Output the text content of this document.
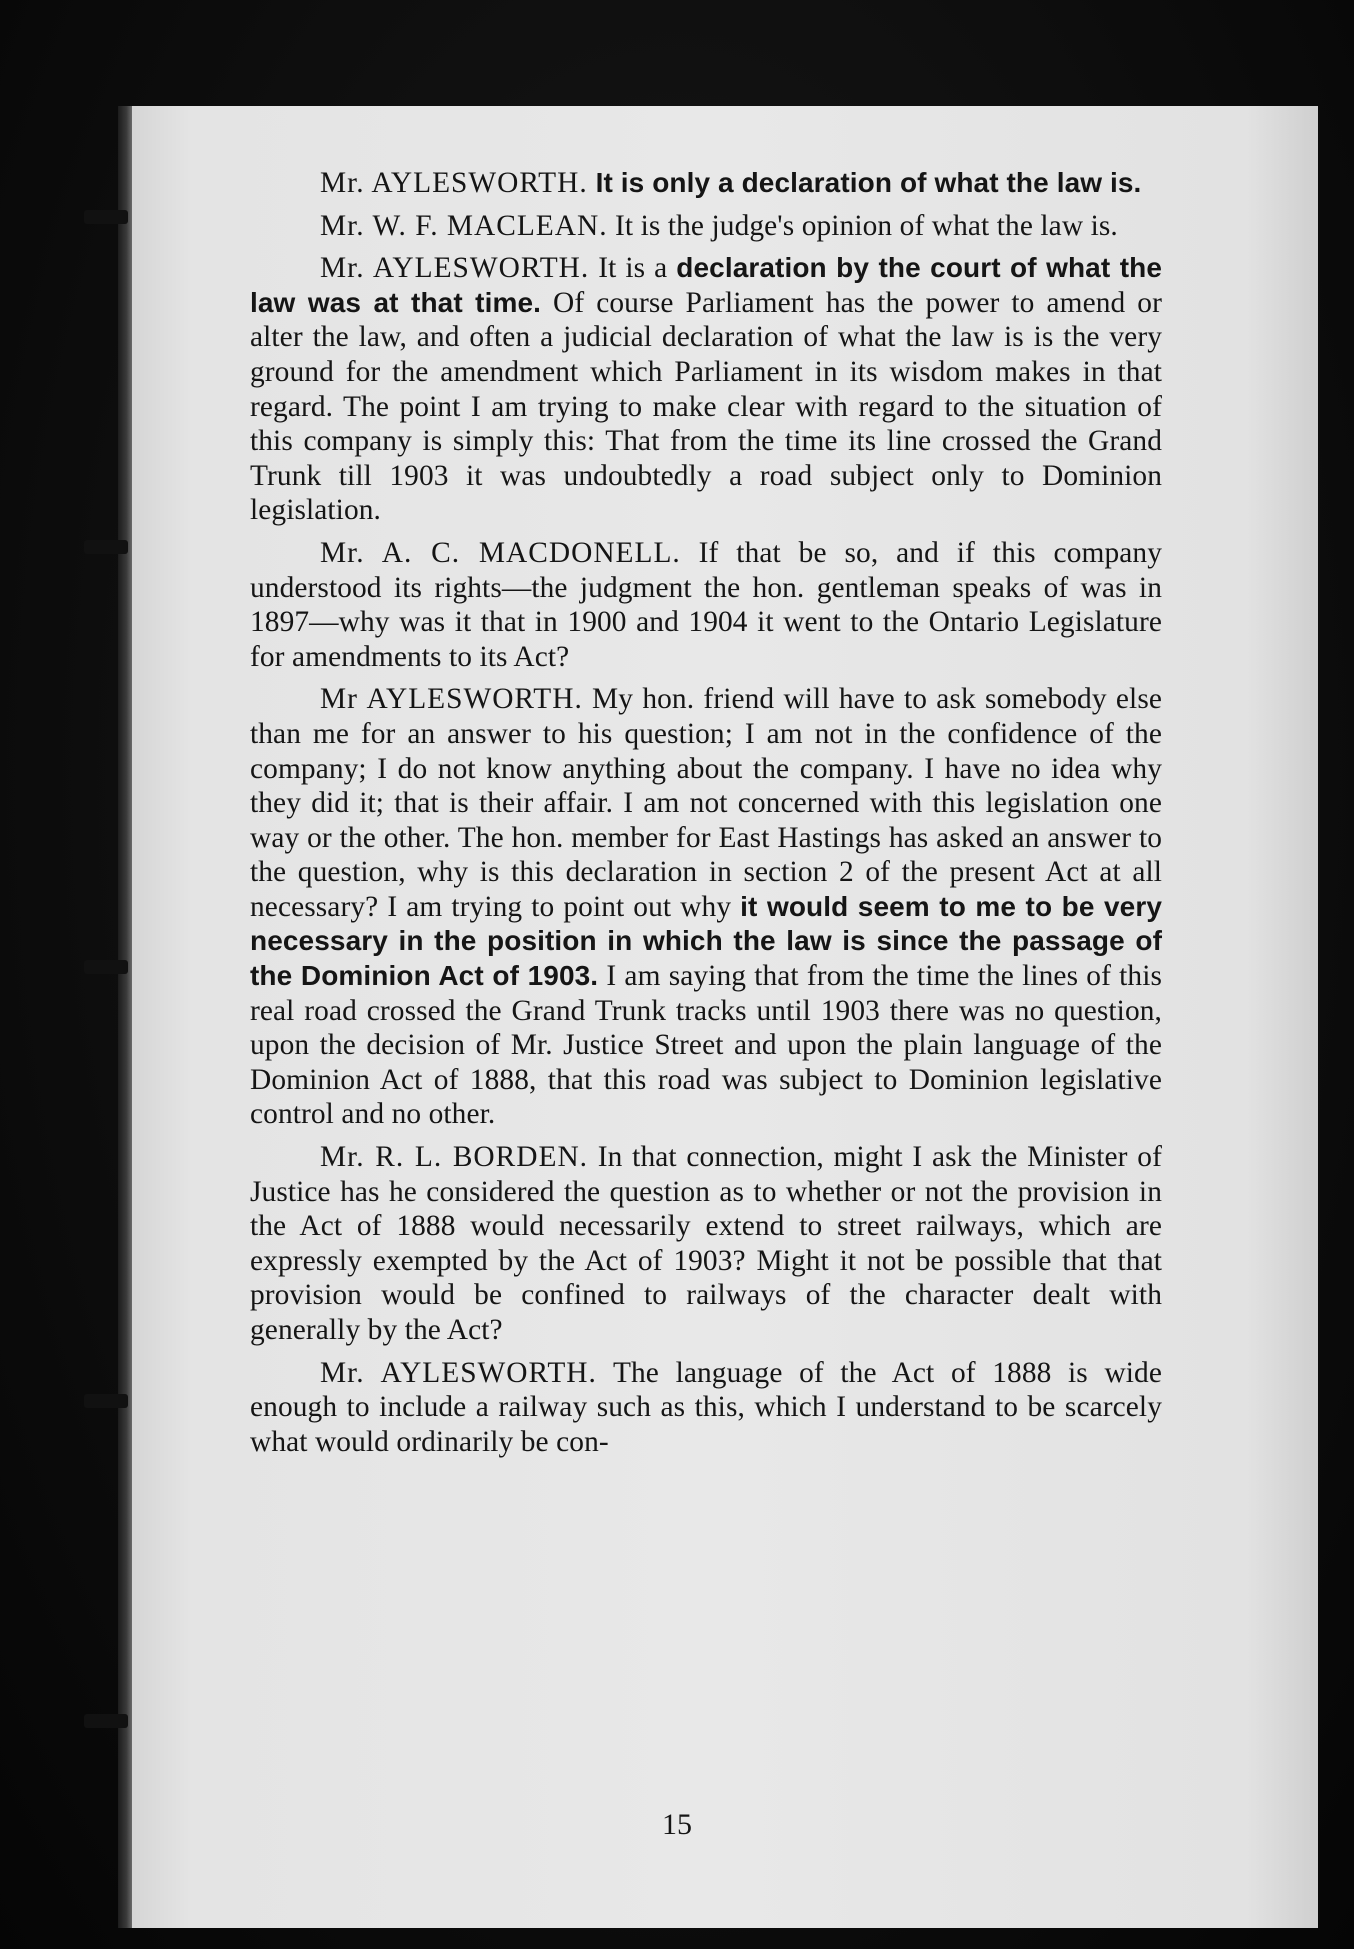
Mr. AYLESWORTH. It is only a declaration of what the law is.

Mr. W. F. MACLEAN. It is the judge's opinion of what the law is.

Mr. AYLESWORTH. It is a declaration by the court of what the law was at that time. Of course Parliament has the power to amend or alter the law, and often a judicial declaration of what the law is is the very ground for the amendment which Parliament in its wisdom makes in that regard. The point I am trying to make clear with regard to the situation of this company is simply this: That from the time its line crossed the Grand Trunk till 1903 it was undoubtedly a road subject only to Dominion legislation.

Mr. A. C. MACDONELL. If that be so, and if this company understood its rights—the judgment the hon. gentleman speaks of was in 1897—why was it that in 1900 and 1904 it went to the Ontario Legislature for amendments to its Act?

Mr AYLESWORTH. My hon. friend will have to ask somebody else than me for an answer to his question; I am not in the confidence of the company; I do not know anything about the company. I have no idea why they did it; that is their affair. I am not concerned with this legislation one way or the other. The hon. member for East Hastings has asked an answer to the question, why is this declaration in section 2 of the present Act at all necessary? I am trying to point out why it would seem to me to be very necessary in the position in which the law is since the passage of the Dominion Act of 1903. I am saying that from the time the lines of this real road crossed the Grand Trunk tracks until 1903 there was no question, upon the decision of Mr. Justice Street and upon the plain language of the Dominion Act of 1888, that this road was subject to Dominion legislative control and no other.

Mr. R. L. BORDEN. In that connection, might I ask the Minister of Justice has he considered the question as to whether or not the provision in the Act of 1888 would necessarily extend to street railways, which are expressly exempted by the Act of 1903? Might it not be possible that that provision would be confined to railways of the character dealt with generally by the Act?

Mr. AYLESWORTH. The language of the Act of 1888 is wide enough to include a railway such as this, which I understand to be scarcely what would ordinarily be con-

15
